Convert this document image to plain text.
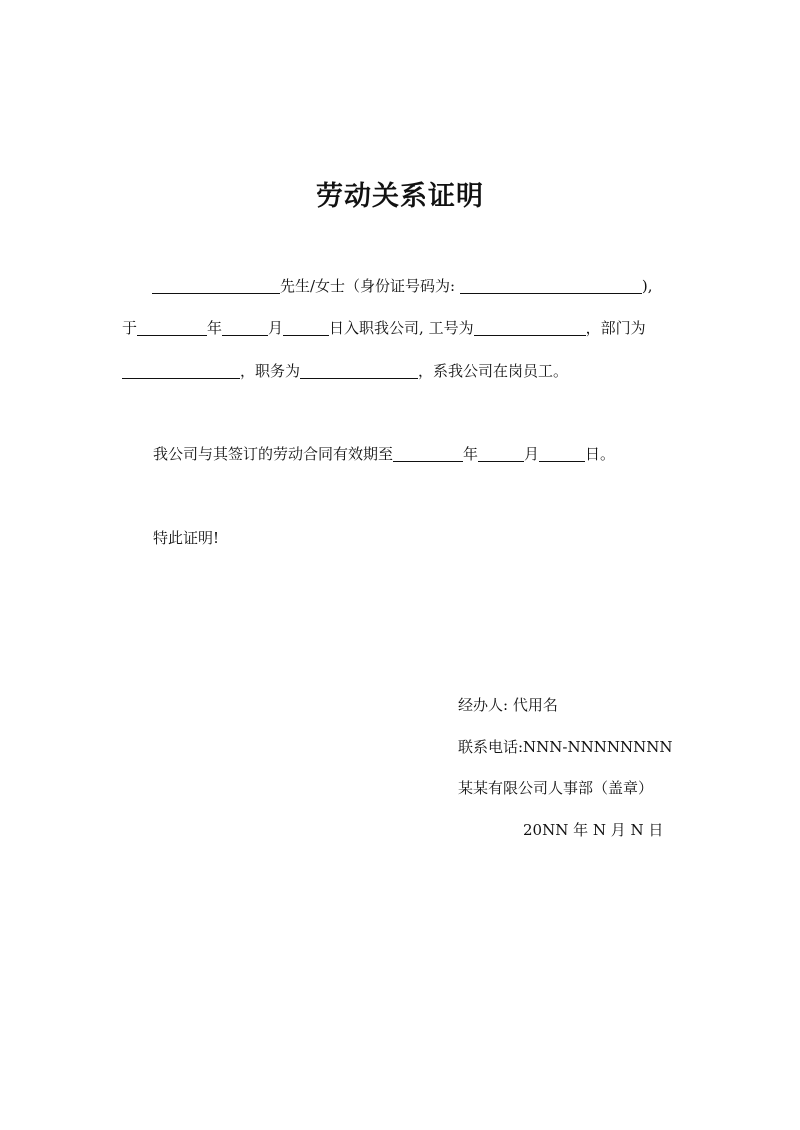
劳动关系证明
先生/女士（身份证号码为:	),
于	年	月	日入职我公司, 工号为	，部门为
，职务为	，系我公司在岗员工。
我公司与其签订的劳动合同有效期至	年	月	日。
特此证明!
经办人: 代用名
联系电话:NNN-NNNNNNNN
某某有限公司人事部（盖章）
20NN 年 N 月 N 日
